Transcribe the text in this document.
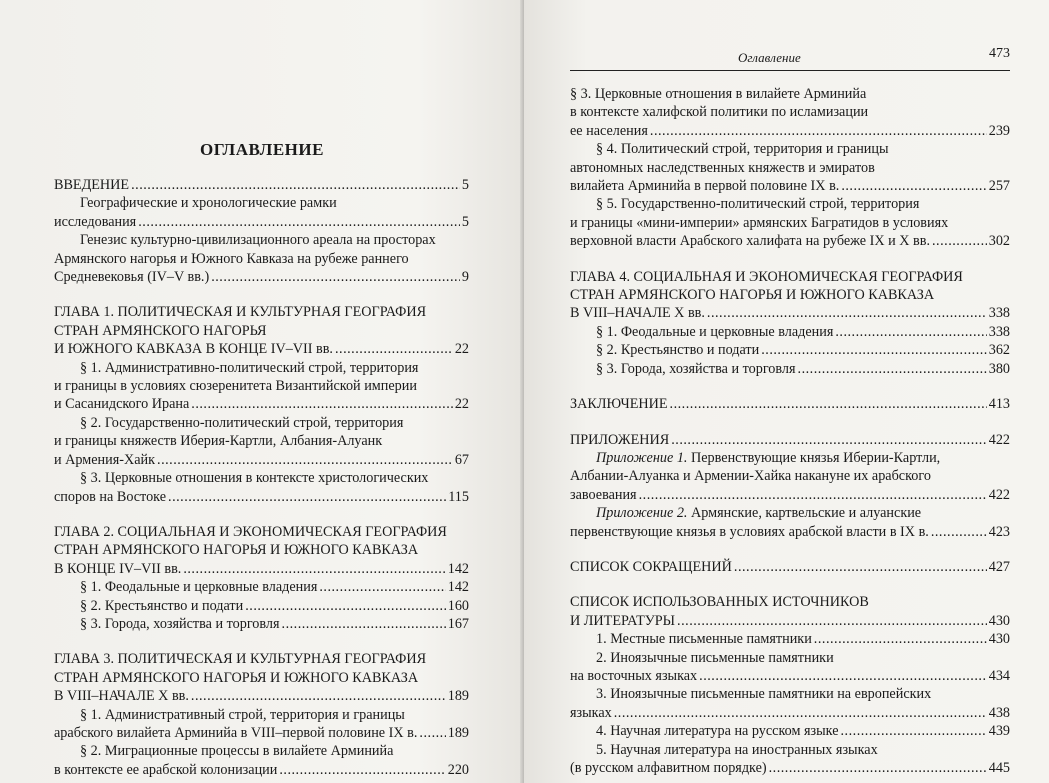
ОГЛАВЛЕНИЕ
ВВЕДЕНИЕ .....	5
Географические и хронологические рамки
исследования .....	5
Генезис культурно-цивилизационного ареала на просторах
Армянского нагорья и Южного Кавказа на рубеже раннего
Средневековья (IV–V вв.) .....	9
ГЛАВА 1. ПОЛИТИЧЕСКАЯ И КУЛЬТУРНАЯ ГЕОГРАФИЯ
СТРАН АРМЯНСКОГО НАГОРЬЯ
И ЮЖНОГО КАВКАЗА В КОНЦЕ IV–VII вв. .....	22
§ 1. Административно-политический строй, территория
и границы в условиях сюзеренитета Византийской империи
и Сасанидского Ирана .....	22
§ 2. Государственно-политический строй, территория
и границы княжеств Иберия-Картли, Албания-Алуанк
и Армения-Хайк .....	67
§ 3. Церковные отношения в контексте христологических
споров на Востоке .....	115
ГЛАВА 2. СОЦИАЛЬНАЯ И ЭКОНОМИЧЕСКАЯ ГЕОГРАФИЯ
СТРАН АРМЯНСКОГО НАГОРЬЯ И ЮЖНОГО КАВКАЗА
В КОНЦЕ IV–VII вв. .....	142
§ 1. Феодальные и церковные владения .....	142
§ 2. Крестьянство и подати .....	160
§ 3. Города, хозяйства и торговля .....	167
ГЛАВА 3. ПОЛИТИЧЕСКАЯ И КУЛЬТУРНАЯ ГЕОГРАФИЯ
СТРАН АРМЯНСКОГО НАГОРЬЯ И ЮЖНОГО КАВКАЗА
В VIII–НАЧАЛЕ X вв. .....	189
§ 1. Административный строй, территория и границы
арабского вилайета Арминийа в VIII–первой половине IX в. ..... 189
§ 2. Миграционные процессы в вилайете Арминийа
в контексте ее арабской колонизации .....	220
Оглавление	473
§ 3. Церковные отношения в вилайете Арминийа
в контексте халифской политики по исламизации
ее населения .....	239
§ 4. Политический строй, территория и границы
автономных наследственных княжеств и эмиратов
вилайета Арминийа в первой половине IX в. .....	257
§ 5. Государственно-политический строй, территория
и границы «мини-империи» армянских Багратидов в условиях
верховной власти Арабского халифата на рубеже IX и X вв. .....	302
ГЛАВА 4. СОЦИАЛЬНАЯ И ЭКОНОМИЧЕСКАЯ ГЕОГРАФИЯ
СТРАН АРМЯНСКОГО НАГОРЬЯ И ЮЖНОГО КАВКАЗА
В VIII–НАЧАЛЕ X вв. .....	338
§ 1. Феодальные и церковные владения .....	338
§ 2. Крестьянство и подати .....	362
§ 3. Города, хозяйства и торговля .....	380
ЗАКЛЮЧЕНИЕ .....	413
ПРИЛОЖЕНИЯ .....	422
Приложение 1. Первенствующие князья Иберии-Картли,
Албании-Алуанка и Армении-Хайка накануне их арабского
завоевания .....	422
Приложение 2. Армянские, картвельские и алуанские
первенствующие князья в условиях арабской власти в IX в. .....	423
СПИСОК СОКРАЩЕНИЙ .....	427
СПИСОК ИСПОЛЬЗОВАННЫХ ИСТОЧНИКОВ
И ЛИТЕРАТУРЫ .....	430
1. Местные письменные памятники .....	430
2. Иноязычные письменные памятники
на восточных языках .....	434
3. Иноязычные письменные памятники на европейских
языках .....	438
4. Научная литература на русском языке .....	439
5. Научная литература на иностранных языках
(в русском алфавитном порядке) .....	445
